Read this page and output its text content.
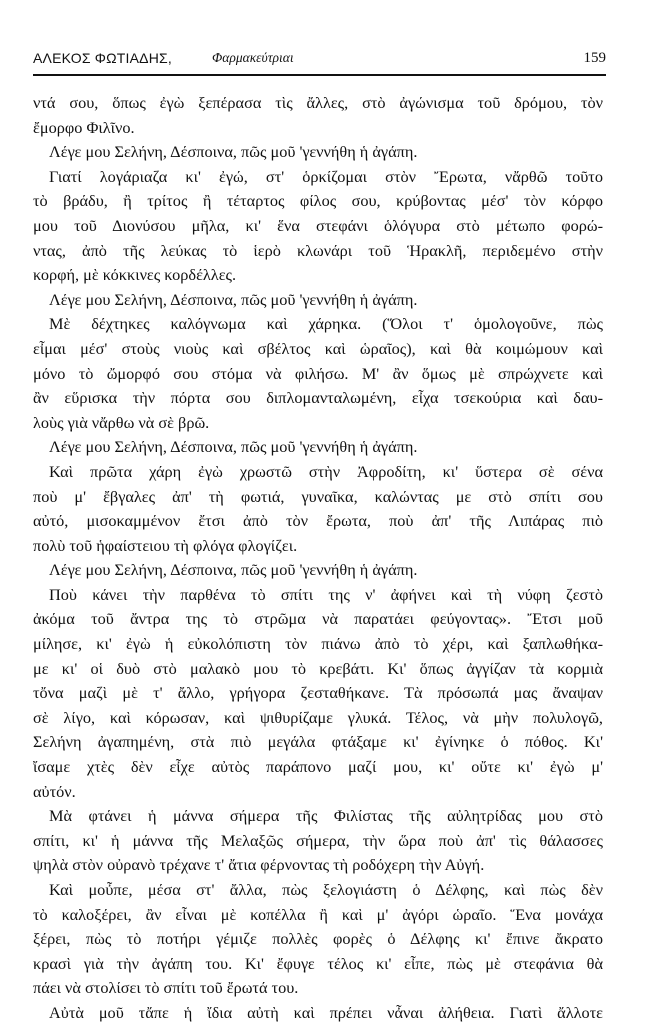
ΑΛΕΚΟΣ ΦΩΤΙΑΔΗΣ,	Φαρμακεύτριαι	159
ντά σου, ὅπως ἐγὼ ξεπέρασα τὶς ἄλλες, στὸ ἀγώνισμα τοῦ δρόμου, τὸν
ἔμορφο Φιλῖνο.
Λέγε μου Σελήνη, Δέσποινα, πῶς μοῦ 'γεννήθη ἡ ἀγάπη.
Γιατί λογάριαζα κι' ἐγώ, στ' ὁρκίζομαι στὸν Ἔρωτα, νἄρθῶ τοῦτο
τὸ βράδυ, ἢ τρίτος ἢ τέταρτος φίλος σου, κρύβοντας μέσ' τὸν κόρφο
μου τοῦ Διονύσου μῆλα, κι' ἕνα στεφάνι ὁλόγυρα στὸ μέτωπο φορώ-
ντας, ἀπὸ τῆς λεύκας τὸ ἱερὸ κλωνάρι τοῦ Ἡρακλῆ, περιδεμένο στὴν
κορφή, μὲ κόκκινες κορδέλλες.
Λέγε μου Σελήνη, Δέσποινα, πῶς μοῦ 'γεννήθη ἡ ἀγάπη.
Μὲ δέχτηκες καλόγνωμα καὶ χάρηκα. (Ὅλοι τ' ὁμολογοῦνε, πὼς
εἶμαι μέσ' στοὺς νιοὺς καὶ σβέλτος καὶ ὡραῖος), καὶ θὰ κοιμώμουν καὶ
μόνο τὸ ὤμορφό σου στόμα νὰ φιλήσω. Μ' ἂν ὅμως μὲ σπρώχνετε καὶ
ἂν εὕρισκα τὴν πόρτα σου διπλομανταλωμένη, εἶχα τσεκούρια καὶ δαυ-
λοὺς γιὰ νἄρθω νὰ σὲ βρῶ.
Λέγε μου Σελήνη, Δέσποινα, πῶς μοῦ 'γεννήθη ἡ ἀγάπη.
Καὶ πρῶτα χάρη ἐγὼ χρωστῶ στὴν Ἀφροδίτη, κι' ὕστερα σὲ σένα
ποὺ μ' ἔβγαλες ἀπ' τὴ φωτιά, γυναῖκα, καλώντας με στὸ σπίτι σου
αὐτό, μισοκαμμένον ἔτσι ἀπὸ τὸν ἔρωτα, ποὺ ἀπ' τῆς Λιπάρας πιὸ
πολὺ τοῦ ἡφαίστειου τὴ φλόγα φλογίζει.
Λέγε μου Σελήνη, Δέσποινα, πῶς μοῦ 'γεννήθη ἡ ἀγάπη.
Ποὺ κάνει τὴν παρθένα τὸ σπίτι της ν' ἀφήνει καὶ τὴ νύφη ζεστὸ
ἀκόμα τοῦ ἄντρα της τὸ στρῶμα νὰ παρατάει φεύγοντας». Ἔτσι μοῦ
μίλησε, κι' ἐγὼ ἡ εὐκολόπιστη τὸν πιάνω ἀπὸ τὸ χέρι, καὶ ξαπλωθήκα-
με κι' οἱ δυὸ στὸ μαλακὸ μου τὸ κρεβάτι. Κι' ὅπως ἀγγίζαν τὰ κορμιὰ
τὄνα μαζὶ μὲ τ' ἄλλο, γρήγορα ζεσταθήκανε. Τὰ πρόσωπά μας ἄναψαν
σὲ λίγο, καὶ κόρωσαν, καὶ ψιθυρίζαμε γλυκά. Τέλος, νὰ μὴν πολυλογῶ,
Σελήνη ἀγαπημένη, στὰ πιὸ μεγάλα φτάξαμε κι' ἐγίνηκε ὁ πόθος. Κι'
ἴσαμε χτὲς δὲν εἶχε αὐτὸς παράπονο μαζί μου, κι' οὔτε κι' ἐγὼ μ'
αὐτόν.
Μὰ φτάνει ἡ μάννα σήμερα τῆς Φιλίστας τῆς αὐλητρίδας μου στὸ
σπίτι, κι' ἡ μάννα τῆς Μελαξῶς σήμερα, τὴν ὥρα ποὺ ἀπ' τὶς θάλασσες
ψηλὰ στὸν οὐρανὸ τρέχανε τ' ἄτια φέρνοντας τὴ ροδόχερη τὴν Αὐγή.
Καὶ μοὖπε, μέσα στ' ἄλλα, πὼς ξελογιάστη ὁ Δέλφης, καὶ πὼς δὲν
τὸ καλοξέρει, ἂν εἶναι μὲ κοπέλλα ἢ καὶ μ' ἀγόρι ὡραῖο. Ἕνα μονάχα
ξέρει, πὼς τὸ ποτήρι γέμιζε πολλὲς φορὲς ὁ Δέλφης κι' ἔπινε ἄκρατο
κρασὶ γιὰ τὴν ἀγάπη του. Κι' ἔφυγε τέλος κι' εἶπε, πὼς μὲ στεφάνια θὰ
πάει νὰ στολίσει τὸ σπίτι τοῦ ἔρωτά του.
Αὐτὰ μοῦ τἄπε ἡ ἴδια αὐτὴ καὶ πρέπει νἆναι ἀλήθεια. Γιατὶ ἄλλοτε
